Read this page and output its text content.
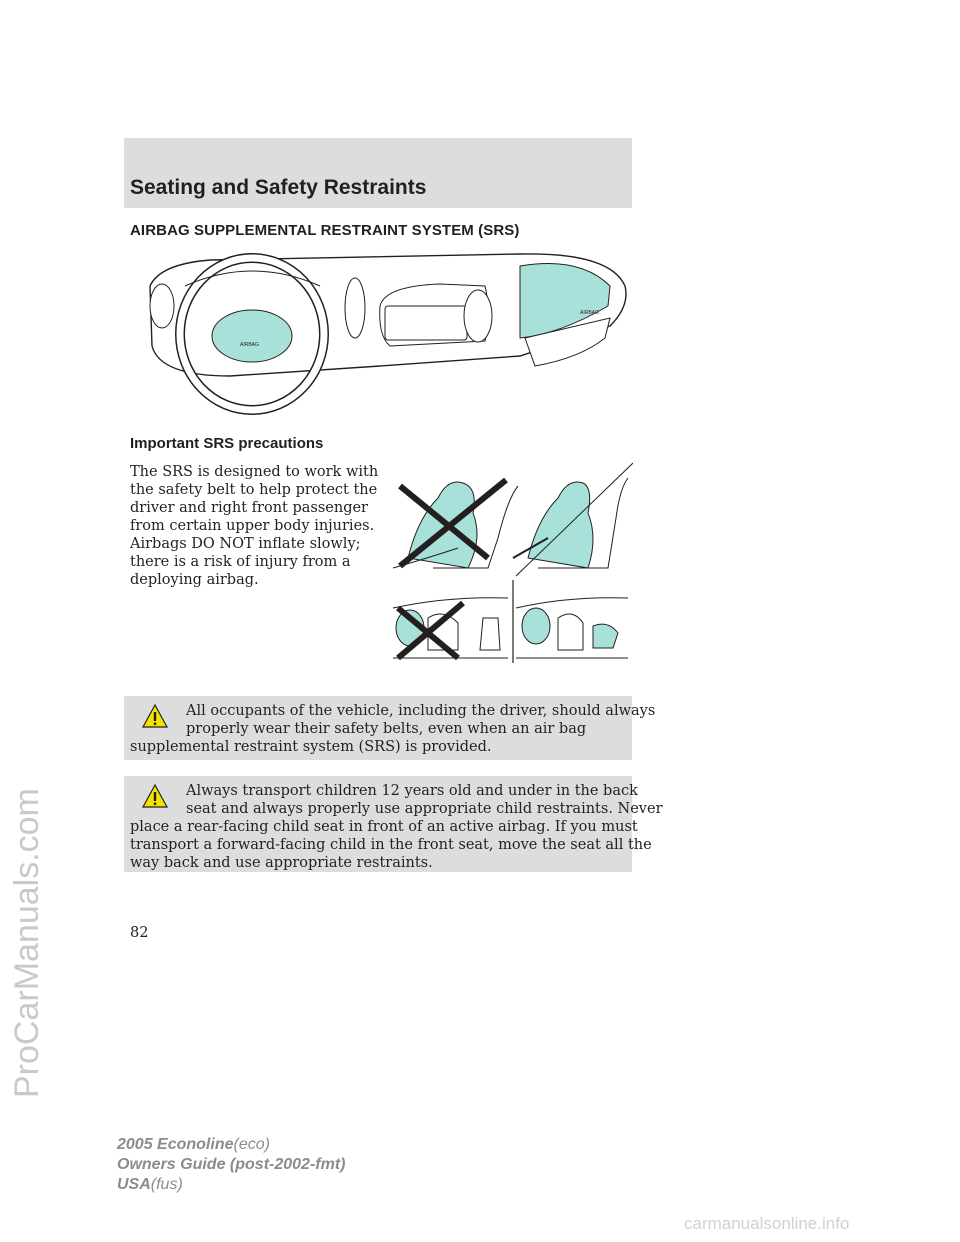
Seating and Safety Restraints
AIRBAG SUPPLEMENTAL RESTRAINT SYSTEM (SRS)
AIRBAG
AIRBAG
Important SRS precautions
The SRS is designed to work with
the safety belt to help protect the
driver and right front passenger
from certain upper body injuries.
Airbags DO NOT inflate slowly;
there is a risk of injury from a
deploying airbag.
All occupants of the vehicle, including the driver, should always
properly wear their safety belts, even when an air bag
supplemental restraint system (SRS) is provided.
Always transport children 12 years old and under in the back
seat and always properly use appropriate child restraints. Never
place a rear-facing child seat in front of an active airbag. If you must
transport a forward-facing child in the front seat, move the seat all the
way back and use appropriate restraints.
82
2005 Econoline(eco)
Owners Guide (post-2002-fmt)
USA(fus)
ProCarManuals.com
carmanualsonline.info
